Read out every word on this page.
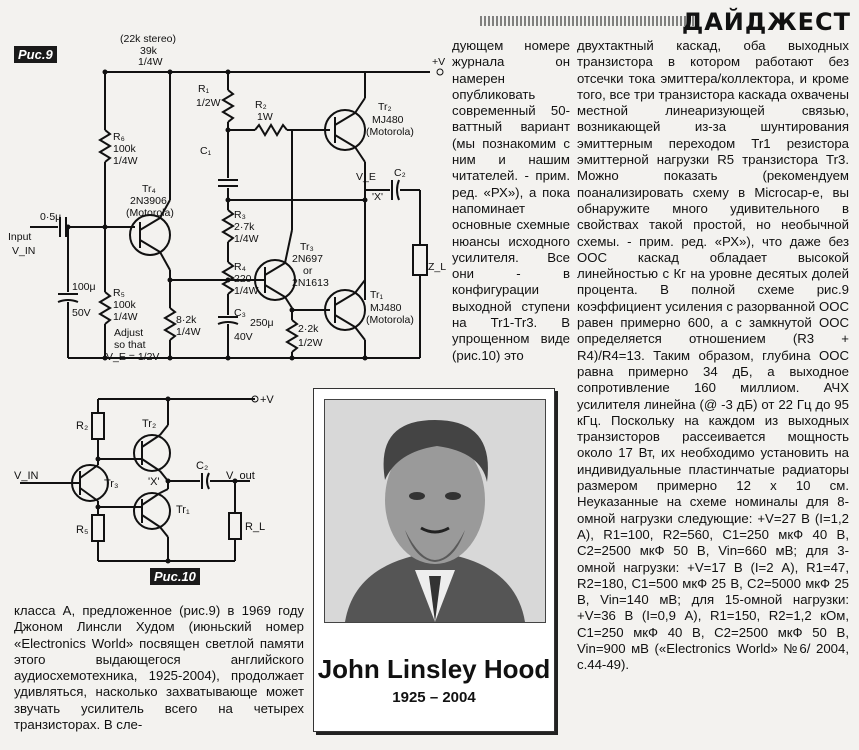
ДАЙДЖЕСТ
Рис.9
(22k stereo)
39k
1/4W	+V
R₁
1/2W	R₂
1W
C₁
R₆
100k
1/4W
Tr₂
MJ480
(Motorola)
V_E C₂
'X'
Tr₄
2N3906
(Motorola)	R₃
2·7k
1/4W
0·5μ
Input
V_IN
R₄
220
1/4W
Tr₃
2N697
or
2N1613
Z_L
100μ
50V
R₅
100k
1/4W
Adjust
so that
V_E = 1/2V
8·2k
1/4W
C₃
250μ
40V
Tr₁
MJ480
(Motorola)
2·2k
1/2W
+V
R₂	Tr₂
V_IN
Tr₃	'X'
C₂
V_out
Tr₁
R₅	R_L
Рис.10
John Linsley Hood
1925 – 2004

дующем номере журнала он намерен опубликовать современный 50-ваттный вариант (мы познакомим с ним и нашим читателей. - прим. ред. «РХ»), а пока напоминает основные схемные нюансы исходного усилителя. Все они - в конфигурации выходной ступени на Tr1-Tr3. В упрощенном виде (рис.10) это

двухтактный каскад, оба выходных транзистора в котором работают без отсечки тока эмиттера/коллектора, и кроме того, все три транзистора каскада охвачены местной линеаризующей связью, возникающей из-за шунтирования эмиттерным переходом Tr1 резистора эмиттерной нагрузки R5 транзистора Tr3. Можно показать (рекомендуем поанализировать схему в Microcap-е, вы обнаружите много удивительного в свойствах такой простой, но необычной схемы. - прим. ред. «РХ»), что даже без ООС каскад обладает высокой линейностью с Кг на уровне десятых долей процента. В полной схеме рис.9 коэффициент усиления с разорванной ООС равен примерно 600, а с замкнутой ООС определяется отношением (R3 + R4)/R4=13. Таким образом, глубина ООС равна примерно 34 дБ, а выходное сопротивление 160 миллиом. АЧХ усилителя линейна (@ -3 дБ) от 22 Гц до 95 кГц. Поскольку на каждом из выходных транзисторов рассеивается мощность около 17 Вт, их необходимо установить на индивидуальные пластинчатые радиаторы размером примерно 12 х 10 см. Неуказанные на схеме номиналы для 8-омной нагрузки следующие: +V=27 В (I=1,2 А), R1=100, R2=560, C1=250 мкФ 40 В, C2=2500 мкФ 50 В, Vin=660 мВ; для 3-омной нагрузки: +V=17 В (I=2 А), R1=47, R2=180, C1=500 мкФ 25 В, C2=5000 мкФ 25 В, Vin=140 мВ; для 15-омной нагрузки: +V=36 В (I=0,9 А), R1=150, R2=1,2 кОм, C1=250 мкФ 40 В, C2=2500 мкФ 50 В, Vin=900 мВ («Electronics World» №6/ 2004, с.44-49).

класса А, предложенное (рис.9) в 1969 году Джоном Линсли Худом (июньский номер «Electronics World» посвящен светлой памяти этого выдающегося английского аудиосхемотехника, 1925-2004), продолжает удивляться, насколько захватывающе может звучать усилитель всего на четырех транзисторах. В сле-
